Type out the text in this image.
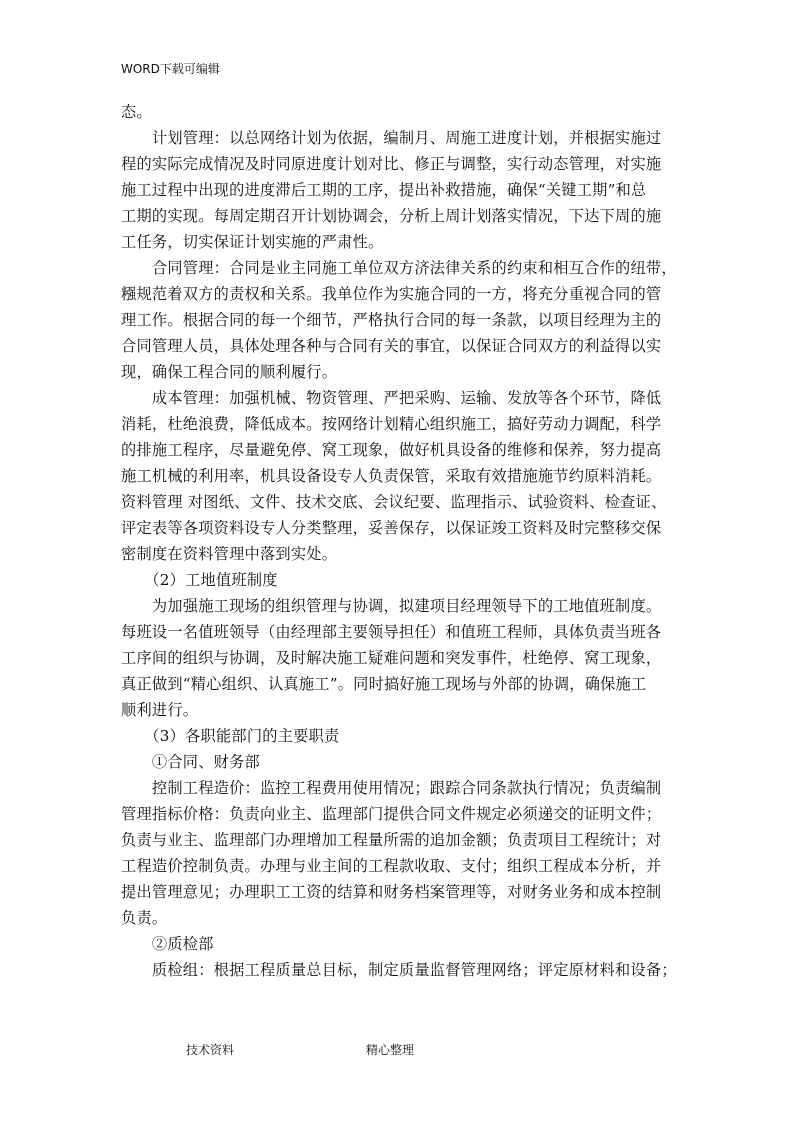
WORD下载可编辑
态。
　　计划管理：以总网络计划为依据，编制月、周施工进度计划，并根据实施过
程的实际完成情况及时同原进度计划对比、修正与调整，实行动态管理，对实施
施工过程中出现的进度滞后工期的工序，提出补救措施，确保“关键工期”和总
工期的实现。每周定期召开计划协调会，分析上周计划落实情况，下达下周的施
工任务，切实保证计划实施的严肃性。
　　合同管理：合同是业主同施工单位双方济法律关系的约束和相互合作的纽带，
糨规范着双方的责权和关系。我单位作为实施合同的一方，将充分重视合同的管
理工作。根据合同的每一个细节，严格执行合同的每一条款，以项目经理为主的
合同管理人员，具体处理各种与合同有关的事宜，以保证合同双方的利益得以实
现，确保工程合同的顺利履行。
　　成本管理：加强机械、物资管理、严把采购、运输、发放等各个环节，降低
消耗，杜绝浪费，降低成本。按网络计划精心组织施工，搞好劳动力调配，科学
的排施工程序，尽量避免停、窝工现象，做好机具设备的维修和保养，努力提高
施工机械的利用率，机具设备设专人负责保管，采取有效措施施节约原料消耗。
资料管理 对图纸、文件、技术交底、会议纪要、监理指示、试验资料、检查证、
评定表等各项资料设专人分类整理，妥善保存，以保证竣工资料及时完整移交保
密制度在资料管理中落到实处。
　　（2）工地值班制度
　　为加强施工现场的组织管理与协调，拟建项目经理领导下的工地值班制度。
每班设一名值班领导（由经理部主要领导担任）和值班工程师，具体负责当班各
工序间的组织与协调，及时解决施工疑难问题和突发事件，杜绝停、窝工现象，
真正做到“精心组织、认真施工”。同时搞好施工现场与外部的协调，确保施工
顺利进行。
　　（3）各职能部门的主要职责
　　①合同、财务部
　　控制工程造价：监控工程费用使用情况；跟踪合同条款执行情况；负责编制
管理指标价格：负责向业主、监理部门提供合同文件规定必须递交的证明文件；
负责与业主、监理部门办理增加工程量所需的追加金额；负责项目工程统计；对
工程造价控制负责。办理与业主间的工程款收取、支付；组织工程成本分析，并
提出管理意见；办理职工工资的结算和财务档案管理等，对财务业务和成本控制
负责。
　　②质检部
　　质检组：根据工程质量总目标，制定质量监督管理网络；评定原材料和设备；
技术资料	精心整理
